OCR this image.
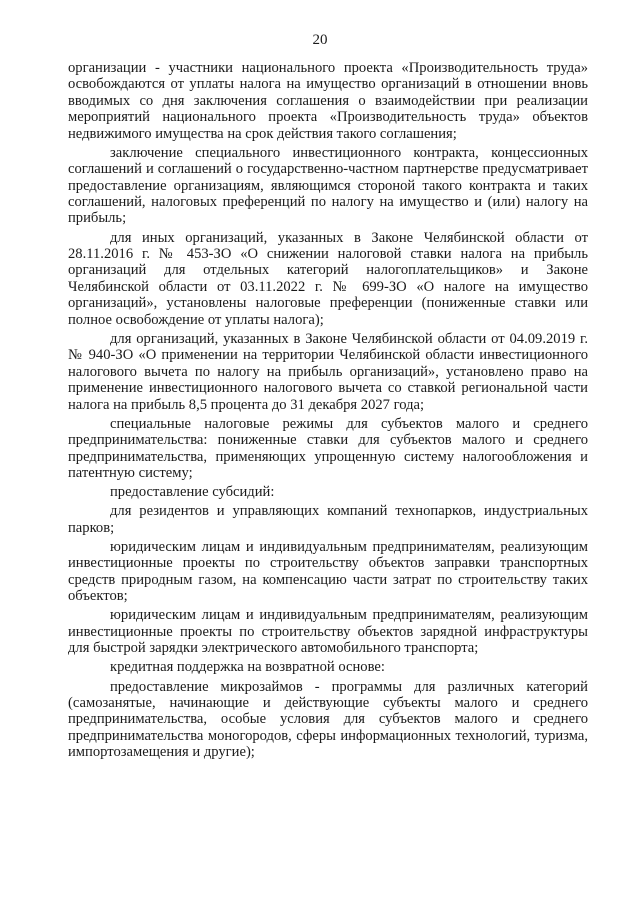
20

организации - участники национального проекта «Производительность труда» освобождаются от уплаты налога на имущество организаций в отношении вновь вводимых со дня заключения соглашения о взаимодействии при реализации мероприятий национального проекта «Производительность труда» объектов недвижимого имущества на срок действия такого соглашения;

заключение специального инвестиционного контракта, концессионных соглашений и соглашений о государственно-частном партнерстве предусматривает предоставление организациям, являющимся стороной такого контракта и таких соглашений, налоговых преференций по налогу на имущество и (или) налогу на прибыль;

для иных организаций, указанных в Законе Челябинской области от 28.11.2016 г. № 453-ЗО «О снижении налоговой ставки налога на прибыль организаций для отдельных категорий налогоплательщиков» и Законе Челябинской области от 03.11.2022 г. № 699-ЗО «О налоге на имущество организаций», установлены налоговые преференции (пониженные ставки или полное освобождение от уплаты налога);

для организаций, указанных в Законе Челябинской области от 04.09.2019 г. № 940-ЗО «О применении на территории Челябинской области инвестиционного налогового вычета по налогу на прибыль организаций», установлено право на применение инвестиционного налогового вычета со ставкой региональной части налога на прибыль 8,5 процента до 31 декабря 2027 года;

специальные налоговые режимы для субъектов малого и среднего предпринимательства: пониженные ставки для субъектов малого и среднего предпринимательства, применяющих упрощенную систему налогообложения и патентную систему;

предоставление субсидий:

для резидентов и управляющих компаний технопарков, индустриальных парков;

юридическим лицам и индивидуальным предпринимателям, реализующим инвестиционные проекты по строительству объектов заправки транспортных средств природным газом, на компенсацию части затрат по строительству таких объектов;

юридическим лицам и индивидуальным предпринимателям, реализующим инвестиционные проекты по строительству объектов зарядной инфраструктуры для быстрой зарядки электрического автомобильного транспорта;

кредитная поддержка на возвратной основе:

предоставление микрозаймов - программы для различных категорий (самозанятые, начинающие и действующие субъекты малого и среднего предпринимательства, особые условия для субъектов малого и среднего предпринимательства моногородов, сферы информационных технологий, туризма, импортозамещения и другие);
